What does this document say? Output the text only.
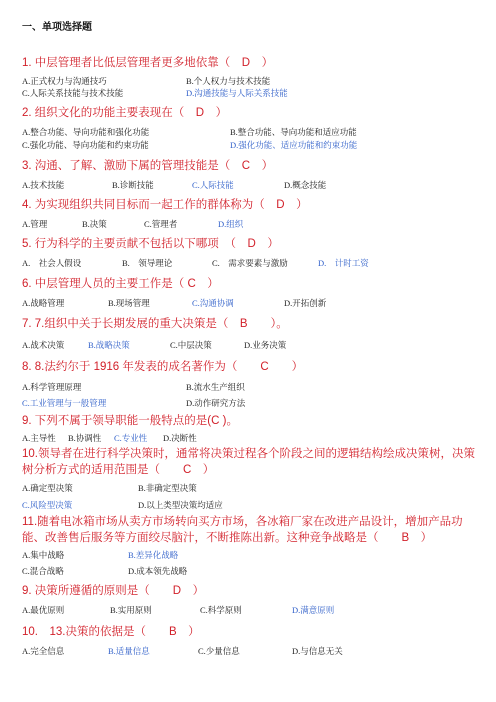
一、单项选择题
1. 中层管理者比低层管理者更多地依靠（　D　）
A.正式权力与沟通技巧	B.个人权力与技术技能
C.人际关系技能与技术技能	D.沟通技能与人际关系技能
2. 组织文化的功能主要表现在（　D　）
A.整合功能、导向功能和强化功能	B.整合功能、导向功能和适应功能
C.强化功能、导向功能和约束功能	D.强化功能、适应功能和约束功能
3. 沟通、了解、激励下属的管理技能是（　C　）
A.技术技能	B.诊断技能	C.人际技能	D.概念技能
4. 为实现组织共同目标而一起工作的群体称为（　D　）
A.管理	B.决策	C.管理者	D.组织
5. 行为科学的主要贡献不包括以下哪项　（　D　）
A.　社会人假设	B.　领导理论	C.　需求要素与激励	D.　计时工资
6. 中层管理人员的主要工作是（ C　）
A.战略管理	B.现场管理	C.沟通协调	D.开拓创新
7. 7.组织中关于长期发展的重大决策是（　B　　）。
A.战术决策	B.战略决策	C.中层决策	D.业务决策
8. 8.法约尔于 1916 年发表的成名著作为（　　C　　）
A.科学管理原理	B.流水生产组织
C.工业管理与一般管理	D.动作研究方法
9. 下列不属于领导职能一般特点的是(C )。
A.主导性 B.协调性 C.专业性 D.决断性
10.领导者在进行科学决策时，通常将决策过程各个阶段之间的逻辑结构绘成决策树，决策树分析方式的适用范围是（　　C　）
A.确定型决策	B.非确定型决策
C.风险型决策	D.以上类型决策均适应
11.随着电冰箱市场从卖方市场转向买方市场，各冰箱厂家在改进产品设计，增加产品功能、改善售后服务等方面绞尽脑汁，不断推陈出新。这种竞争战略是（　　B　）
A.集中战略	B.差异化战略
C.混合战略	D.成本领先战略
9. 决策所遵循的原则是（　　D　）
A.最优原则	B.实用原则	C.科学原则	D.满意原则
10.　13.决策的依据是（　　B　）
A.完全信息	B.适量信息	C.少量信息	D.与信息无关
